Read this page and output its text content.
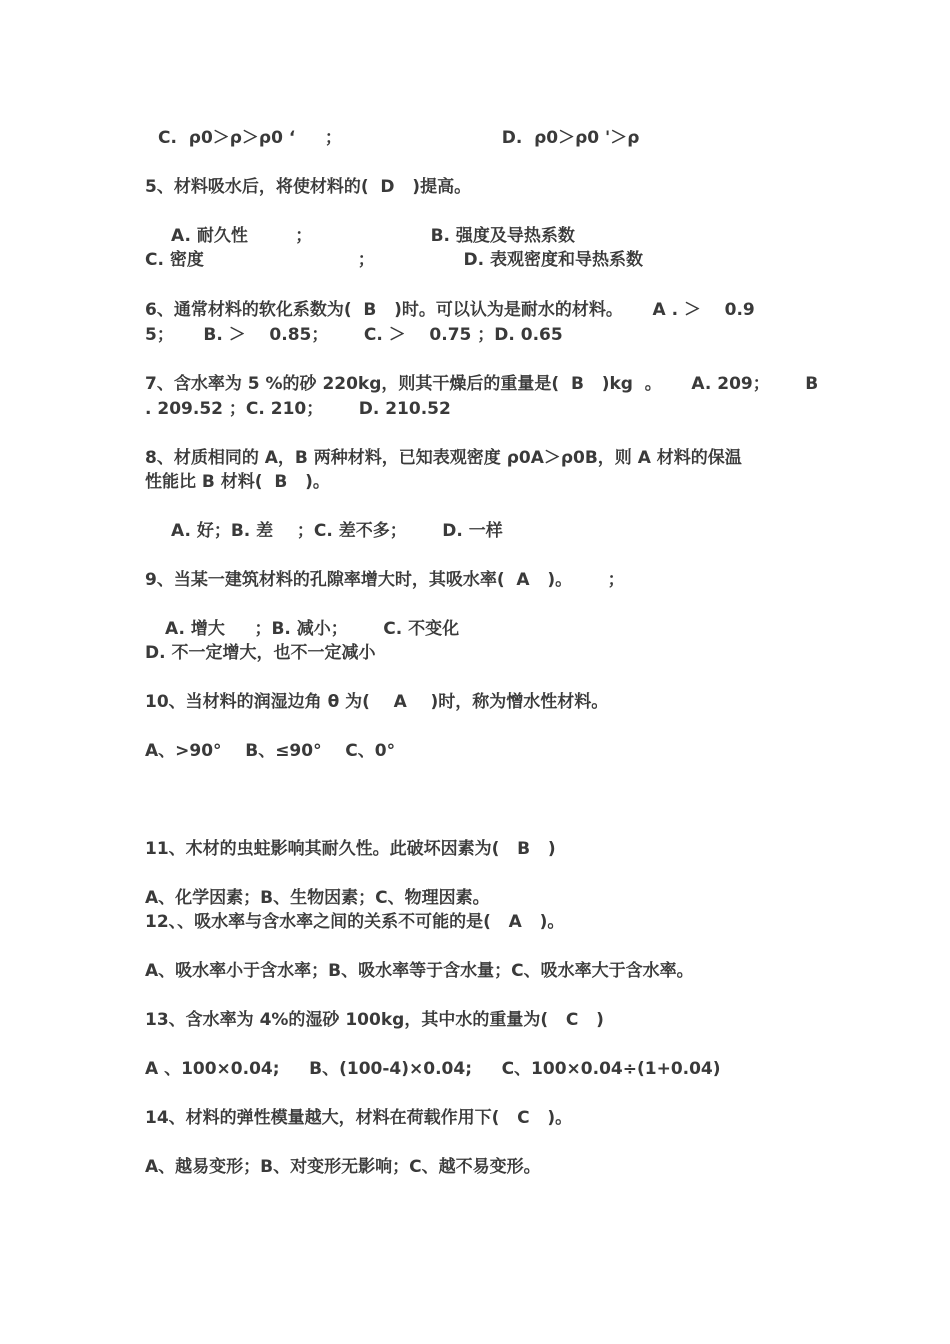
C.  ρ0＞ρ＞ρ0 ‘     ；                           D.  ρ0＞ρ0 '＞ρ
5、材料吸水后，将使材料的(  D   )提高。
A. 耐久性        ；                    B. 强度及导热系数
C. 密度                          ；               D. 表观密度和导热系数
6、通常材料的软化系数为(  B   )时。可以认为是耐水的材料。     A . ＞    0.9
5；     B. ＞    0.85；      C. ＞    0.75 ；D. 0.65
7、含水率为 5 %的砂 220kg，则其干燥后的重量是(  B   )kg  。     A. 209；      B
. 209.52 ；C. 210；      D. 210.52
8、材质相同的 A，B 两种材料，已知表观密度 ρ0A＞ρ0B，则 A 材料的保温
性能比 B 材料(  B   )。
A. 好；B. 差    ；C. 差不多；      D. 一样
9、当某一建筑材料的孔隙率增大时，其吸水率(  A   )。      ；
A. 增大     ；B. 减小；      C. 不变化
D. 不一定增大，也不一定减小
10、当材料的润湿边角 θ 为(    A    )时，称为憎水性材料。
A、>90°    B、≤90°    C、0°
11、木材的虫蛀影响其耐久性。此破坏因素为(   B   )
A、化学因素；B、生物因素；C、物理因素。
12、、吸水率与含水率之间的关系不可能的是(   A   )。
A、吸水率小于含水率；B、吸水率等于含水量；C、吸水率大于含水率。
13、含水率为 4%的湿砂 100kg，其中水的重量为(   C   )
A 、100×0.04;     B、(100-4)×0.04;     C、100×0.04÷(1+0.04)
14、材料的弹性模量越大，材料在荷载作用下(   C   )。
A、越易变形；B、对变形无影响；C、越不易变形。
